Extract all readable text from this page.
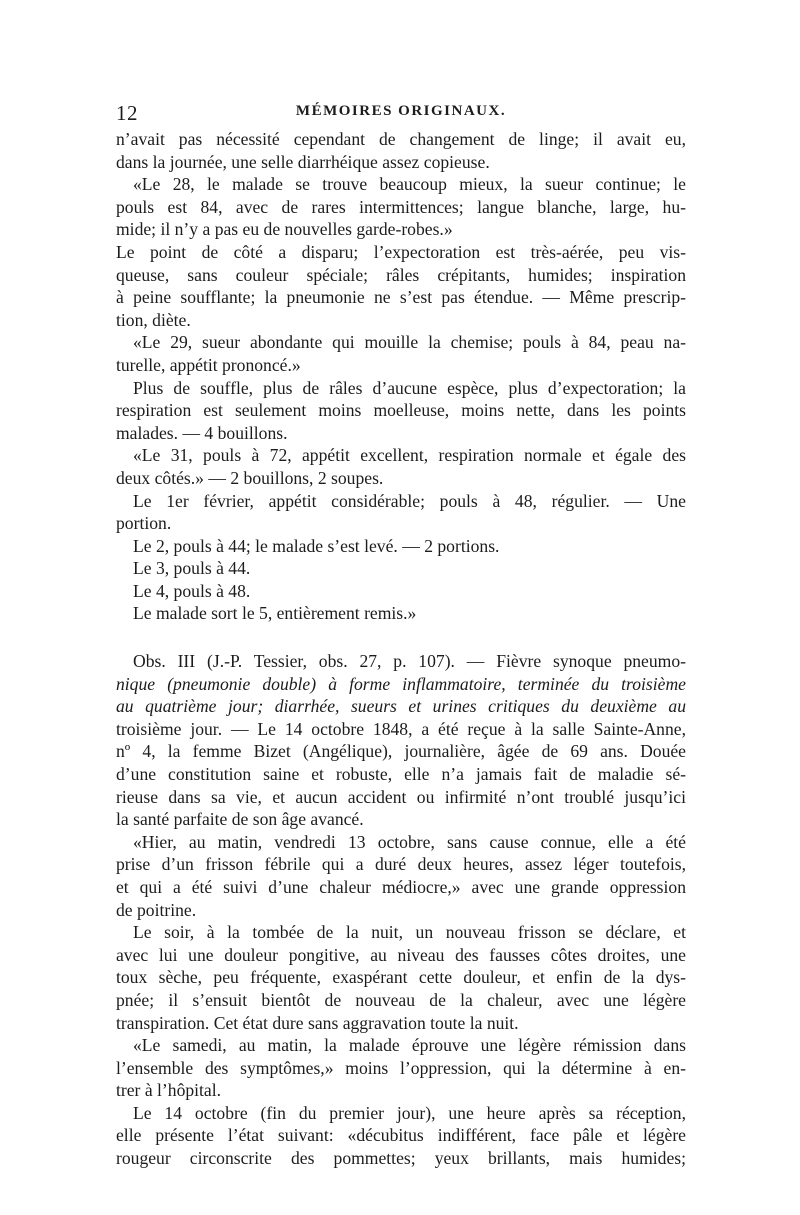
12	MÉMOIRES ORIGINAUX.
n’avait pas nécessité cependant de changement de linge; il avait eu,
dans la journée, une selle diarrhéique assez copieuse.
«Le 28, le malade se trouve beaucoup mieux, la sueur continue; le
pouls est 84, avec de rares intermittences; langue blanche, large, hu-
mide; il n’y a pas eu de nouvelles garde-robes.»
Le point de côté a disparu; l’expectoration est très-aérée, peu vis-
queuse, sans couleur spéciale; râles crépitants, humides; inspiration
à peine soufflante; la pneumonie ne s’est pas étendue. — Même prescrip-
tion, diète.
«Le 29, sueur abondante qui mouille la chemise; pouls à 84, peau na-
turelle, appétit prononcé.»
Plus de souffle, plus de râles d’aucune espèce, plus d’expectoration; la
respiration est seulement moins moelleuse, moins nette, dans les points
malades. — 4 bouillons.
«Le 31, pouls à 72, appétit excellent, respiration normale et égale des
deux côtés.» — 2 bouillons, 2 soupes.
Le 1er février, appétit considérable; pouls à 48, régulier. — Une
portion.
Le 2, pouls à 44; le malade s’est levé. — 2 portions.
Le 3, pouls à 44.
Le 4, pouls à 48.
Le malade sort le 5, entièrement remis.»
Obs. III (J.-P. Tessier, obs. 27, p. 107). — Fièvre synoque pneumo-
nique (pneumonie double) à forme inflammatoire, terminée du troisième
au quatrième jour; diarrhée, sueurs et urines critiques du deuxième au
troisième jour. — Le 14 octobre 1848, a été reçue à la salle Sainte-Anne,
nº 4, la femme Bizet (Angélique), journalière, âgée de 69 ans. Douée
d’une constitution saine et robuste, elle n’a jamais fait de maladie sé-
rieuse dans sa vie, et aucun accident ou infirmité n’ont troublé jusqu’ici
la santé parfaite de son âge avancé.
«Hier, au matin, vendredi 13 octobre, sans cause connue, elle a été
prise d’un frisson fébrile qui a duré deux heures, assez léger toutefois,
et qui a été suivi d’une chaleur médiocre,» avec une grande oppression
de poitrine.
Le soir, à la tombée de la nuit, un nouveau frisson se déclare, et
avec lui une douleur pongitive, au niveau des fausses côtes droites, une
toux sèche, peu fréquente, exaspérant cette douleur, et enfin de la dys-
pnée; il s’ensuit bientôt de nouveau de la chaleur, avec une légère
transpiration. Cet état dure sans aggravation toute la nuit.
«Le samedi, au matin, la malade éprouve une légère rémission dans
l’ensemble des symptômes,» moins l’oppression, qui la détermine à en-
trer à l’hôpital.
Le 14 octobre (fin du premier jour), une heure après sa réception,
elle présente l’état suivant: «décubitus indifférent, face pâle et légère
rougeur circonscrite des pommettes; yeux brillants, mais humides;
